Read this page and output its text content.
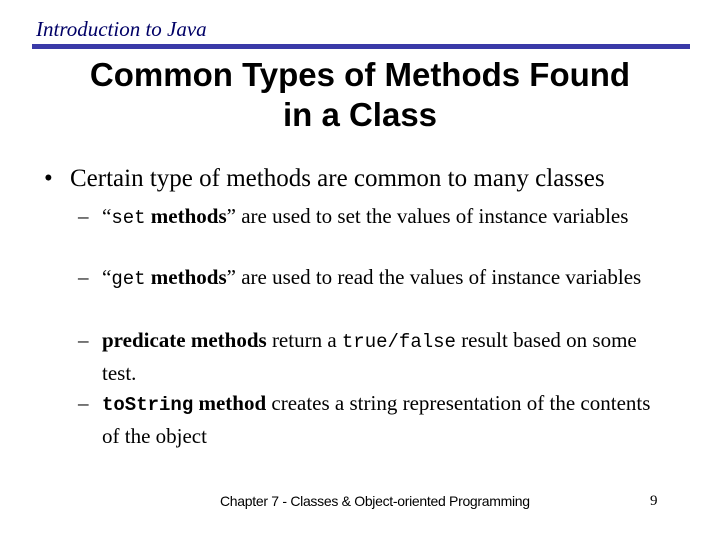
Introduction to Java
Common Types of Methods Found
in a Class
• Certain type of methods are common to many classes
– “set methods” are used to set the values of instance variables
– “get methods” are used to read the values of instance variables
– predicate methods return a true/false result based on some test.
– toString method creates a string representation of the contents of the object
Chapter 7 - Classes & Object-oriented Programming	9
